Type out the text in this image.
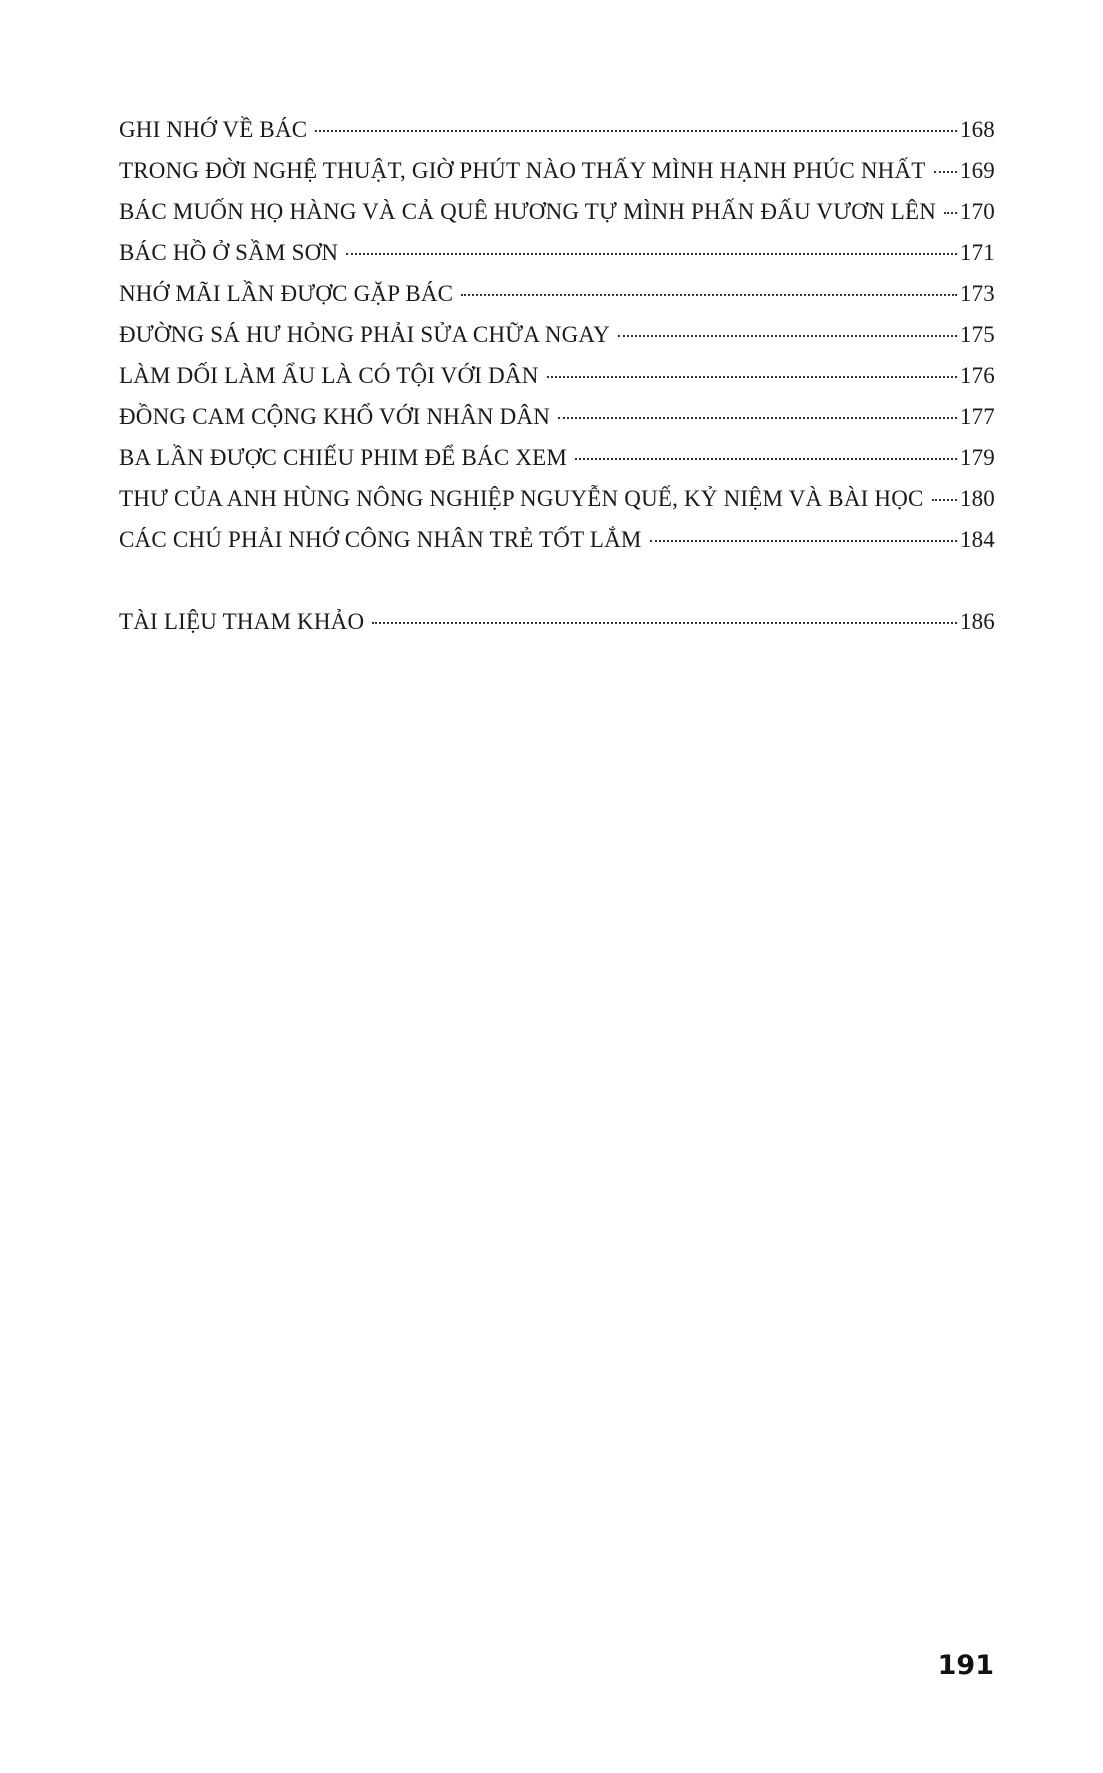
GHI NHỚ VỀ BÁC	168
TRONG ĐỜI NGHỆ THUẬT, GIỜ PHÚT NÀO THẤY MÌNH HẠNH PHÚC NHẤT 169
BÁC MUỐN HỌ HÀNG VÀ CẢ QUÊ HƯƠNG TỰ MÌNH PHẤN ĐẤU VƯƠN LÊN 170
BÁC HỒ Ở SẦM SƠN	171
NHỚ MÃI LẦN ĐƯỢC GẶP BÁC	173
ĐƯỜNG SÁ HƯ HỎNG PHẢI SỬA CHỮA NGAY	175
LÀM DỐI LÀM ẨU LÀ CÓ TỘI VỚI DÂN	176
ĐỒNG CAM CỘNG KHỔ VỚI NHÂN DÂN	177
BA LẦN ĐƯỢC CHIẾU PHIM ĐỂ BÁC XEM	179
THƯ CỦA ANH HÙNG NÔNG NGHIỆP NGUYỄN QUẾ, KỶ NIỆM VÀ BÀI HỌC 180
CÁC CHÚ PHẢI NHỚ CÔNG NHÂN TRẺ TỐT LẮM	184
TÀI LIỆU THAM KHẢO	186
191
